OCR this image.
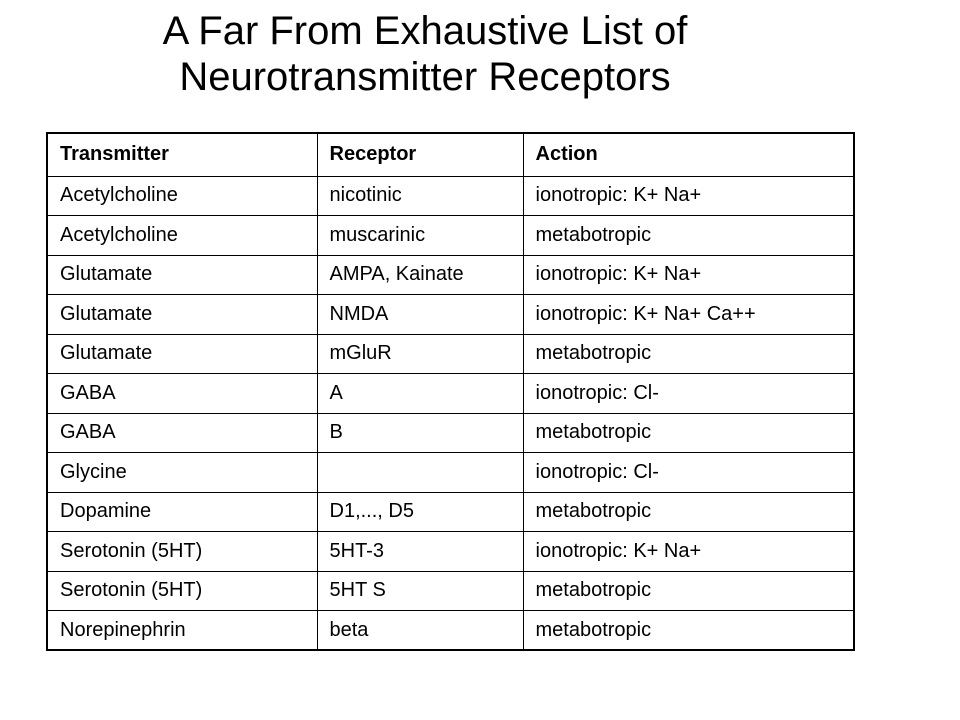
A Far From Exhaustive List of
Neurotransmitter Receptors
Transmitter	Receptor	Action
Acetylcholine	nicotinic	ionotropic: K+ Na+
Acetylcholine	muscarinic	metabotropic
Glutamate	AMPA, Kainate	ionotropic: K+ Na+
Glutamate	NMDA	ionotropic: K+ Na+ Ca++
Glutamate	mGluR	metabotropic
GABA	A	ionotropic: Cl-
GABA	B	metabotropic
Glycine		ionotropic: Cl-
Dopamine	D1,..., D5	metabotropic
Serotonin (5HT)	5HT-3	ionotropic: K+ Na+
Serotonin (5HT)	5HT S	metabotropic
Norepinephrin	beta	metabotropic
